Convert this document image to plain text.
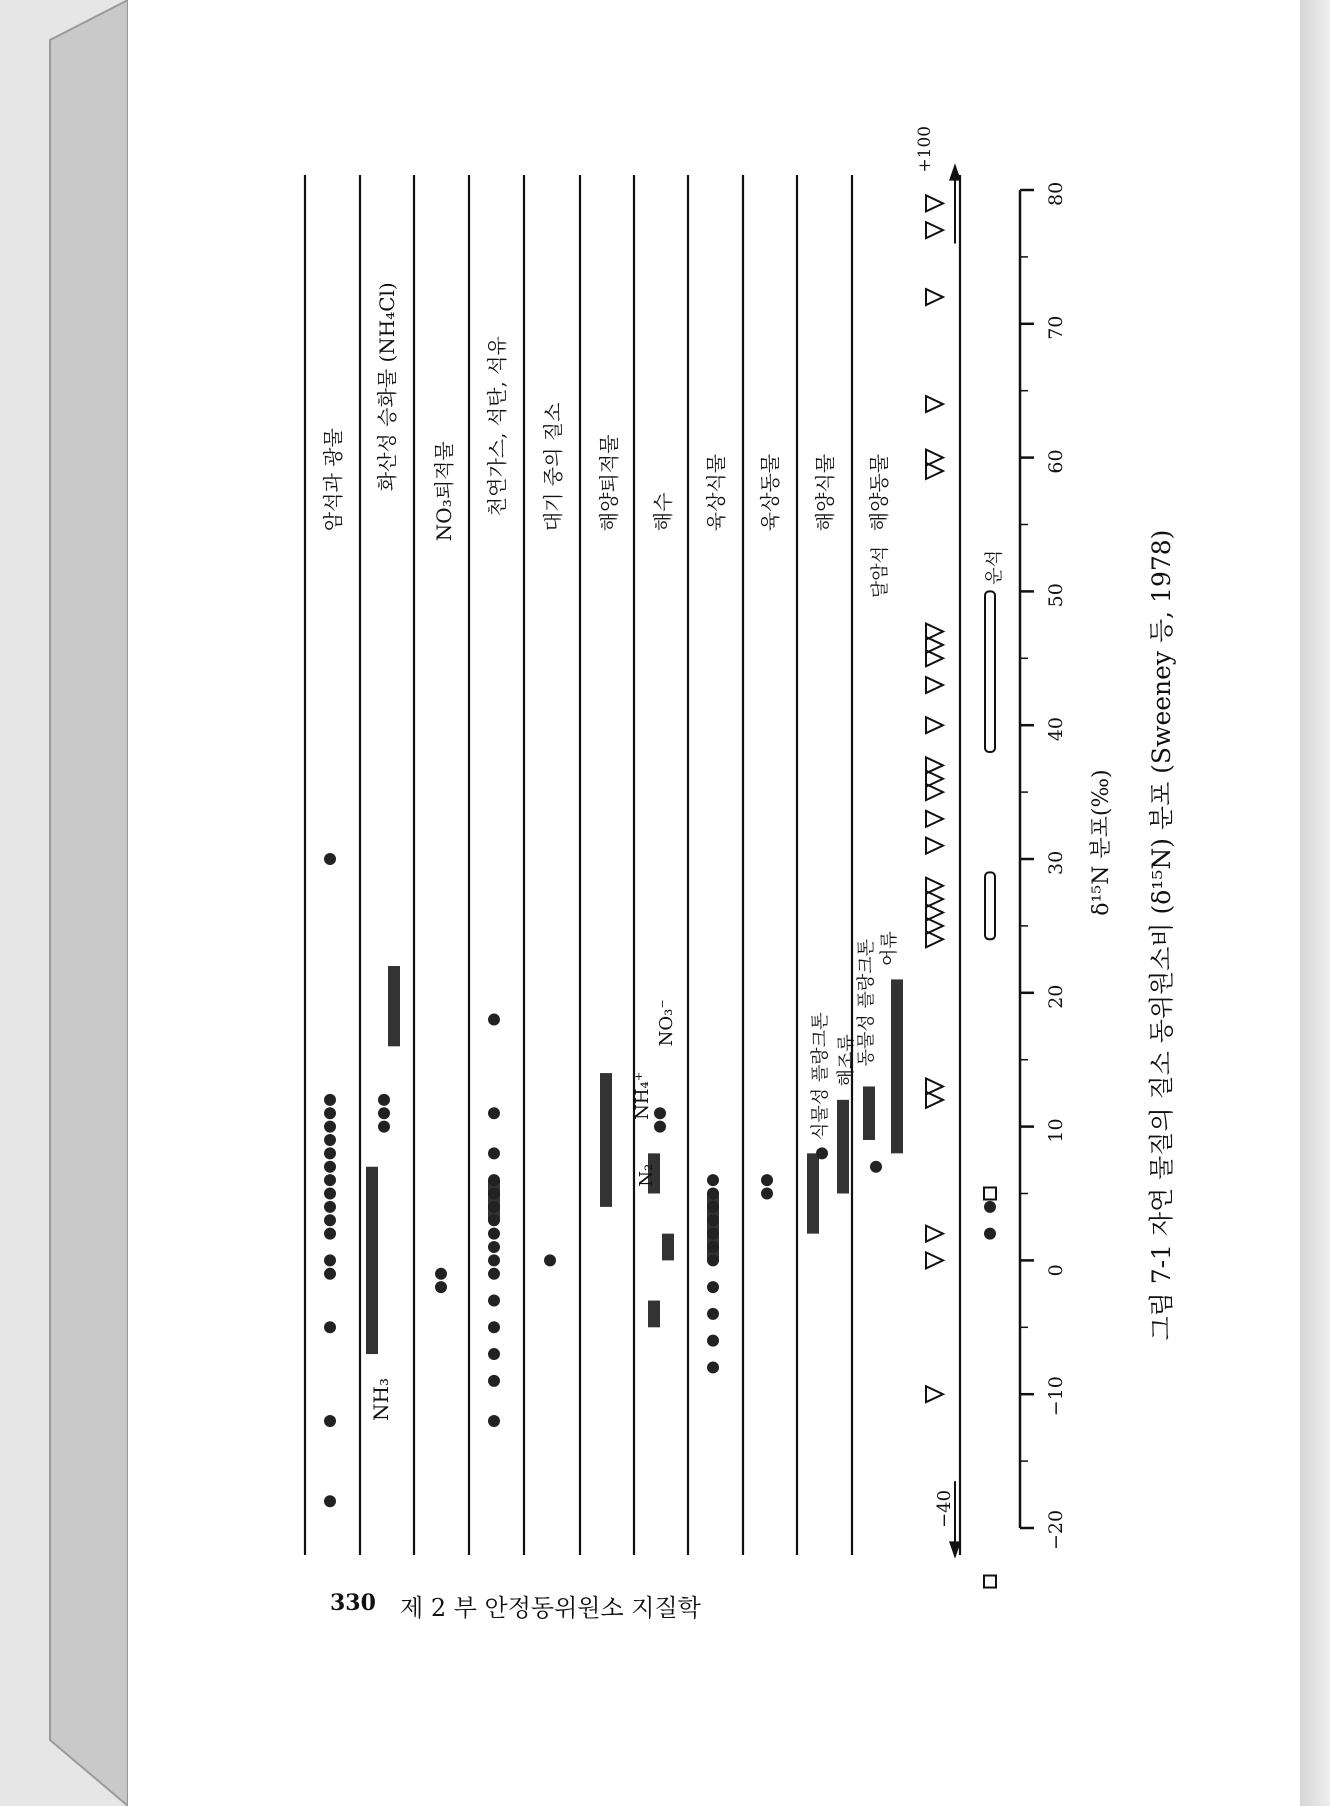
−20
−10
0
10
20
30
40
50
60
70
80
δ¹⁵N 분포(‰) 그림 7-1 자연 물질의 질소 동위원소비 (δ¹⁵N) 분포 (Sweeney 등, 1978)
암석과 광물 화산성 승화물 (NH₄Cl)
NO₃퇴적물 천연가스, 석탄, 석유 대기 중의 질소 해양퇴적물 해수 육상식물 육상동물 해양식물 해양동물
달암석
−40
+100
NH₃
N₂
NH₄⁺
NO₃⁻	식물성 플랑크톤 해조류 동물성 플랑크톤 어류
운석
330 제 2 부 안정동위원소 지질학
